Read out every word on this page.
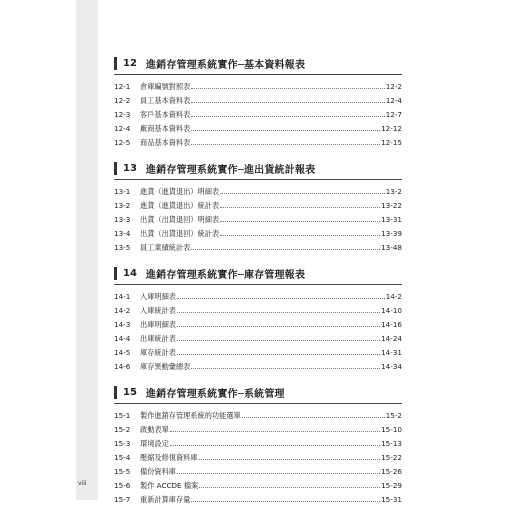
12 進銷存管理系統實作─基本資料報表
12-1	倉庫編號對照表	12-2
12-2	員工基本資料表	12-4
12-3	客戶基本資料表	12-7
12-4	廠商基本資料表	12-12
12-5	商品基本資料表	12-15
13 進銷存管理系統實作─進出貨統計報表
13-1	進貨（進貨退出）明細表	13-2
13-2	進貨（進貨退出）統計表	13-22
13-3	出貨（出貨退回）明細表	13-31
13-4	出貨（出貨退回）統計表	13-39
13-5	員工業績統計表	13-48
14 進銷存管理系統實作─庫存管理報表
14-1	入庫明細表	14-2
14-2	入庫統計表	14-10
14-3	出庫明細表	14-16
14-4	出庫統計表	14-24
14-5	庫存統計表	14-31
14-6	庫存異動彙總表	14-34
15 進銷存管理系統實作─系統管理
15-1	製作進銷存管理系統的功能選單	15-2
15-2	啟動表單	15-10
15-3	環境設定	15-13
15-4	壓縮及修復資料庫	15-22
15-5	備份資料庫	15-26
15-6	製作 ACCDE 檔案	15-29
15-7	重新計算庫存量	15-31
viii
